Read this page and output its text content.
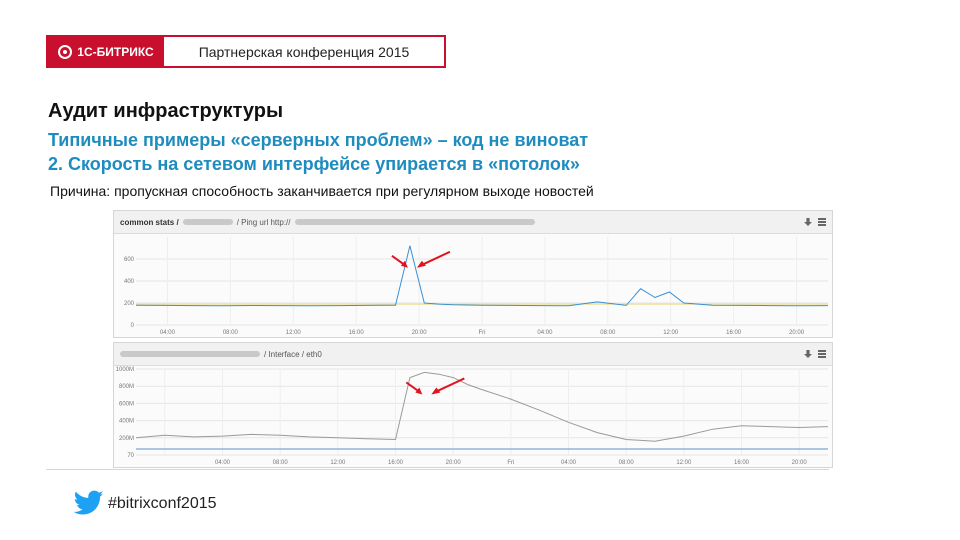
1С-БИТРИКС	Партнерская конференция 2015
Аудит инфраструктуры
Типичные примеры «серверных проблем» – код не виноват
2. Скорость на сетевом интерфейсе упирается в «потолок»
Причина: пропускная способность заканчивается при регулярном выходе новостей
common stats /	/ Ping url http://
0
200
400
600
04:00	08:00	12:00	16:00	20:00	Fri	04:00	08:00	12:00	16:00	20:00
/ Interface / eth0
70
200M
400M
600M
800M
1000M
04:00	08:00	12:00	16:00	20:00	Fri	04:00	08:00	12:00	16:00	20:00
#bitrixconf2015
